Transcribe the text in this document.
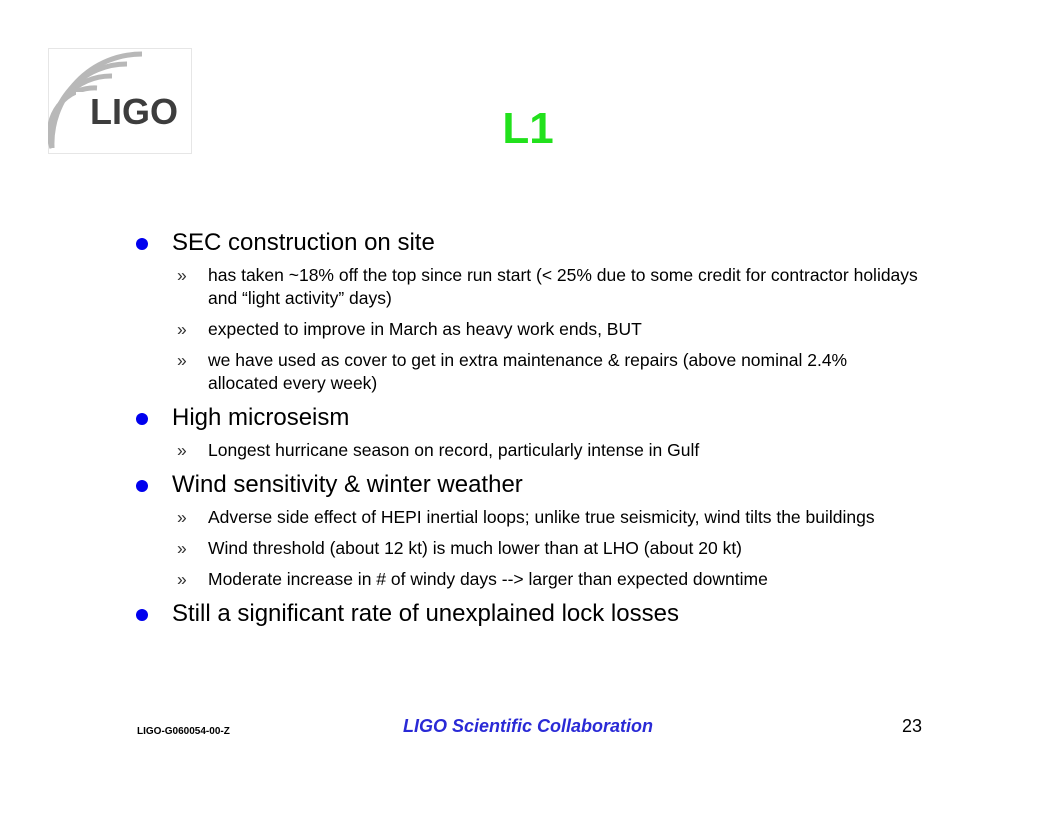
LIGO	L1
SEC construction on site
»	has taken ~18% off the top since run start (< 25% due to some credit for contractor holidays and “light activity” days)
»	expected to improve in March as heavy work ends, BUT
»	we have used as cover to get in extra maintenance & repairs (above nominal 2.4% allocated every week)
High microseism
»	Longest hurricane season on record, particularly intense in Gulf
Wind sensitivity & winter weather
»	Adverse side effect of HEPI inertial loops; unlike true seismicity, wind tilts the buildings
»	Wind threshold (about 12 kt) is much lower than at LHO (about 20 kt)
»	Moderate increase in # of windy days --> larger than expected downtime
Still a significant rate of unexplained lock losses
LIGO-G060054-00-Z	LIGO Scientific Collaboration	23
